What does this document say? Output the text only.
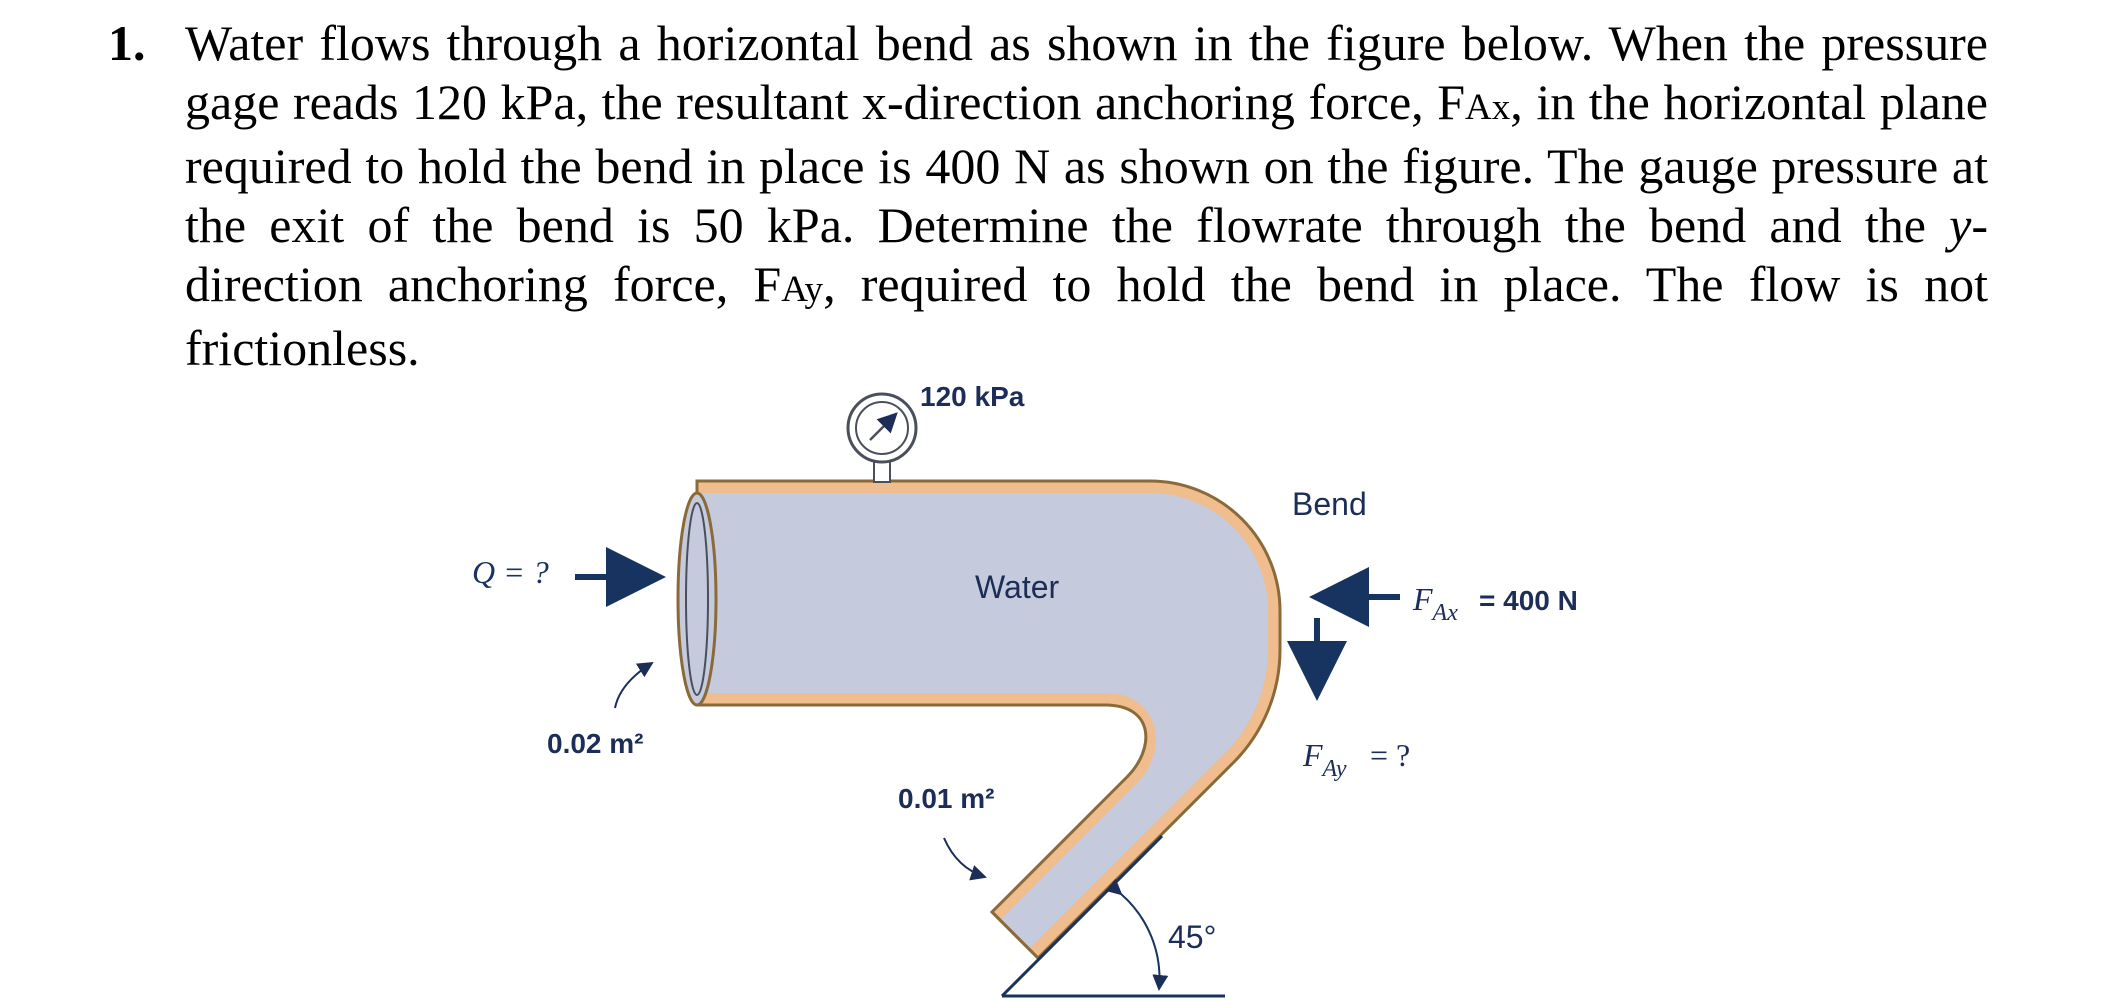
1. Water flows through a horizontal bend as shown in the figure below. When the pressure gage reads 120 kPa, the resultant x-direction anchoring force, FAx, in the horizontal plane required to hold the bend in place is 400 N as shown on the figure. The gauge pressure at the exit of the bend is 50 kPa. Determine the flowrate through the bend and the y-direction anchoring force, FAy, required to hold the bend in place. The flow is not frictionless.
120 kPa
Bend
Water
Q = ?
0.02 m²
0.01 m²
$F_{Ax} = 400$ N
$F_{Ay}$ = ?
45°
